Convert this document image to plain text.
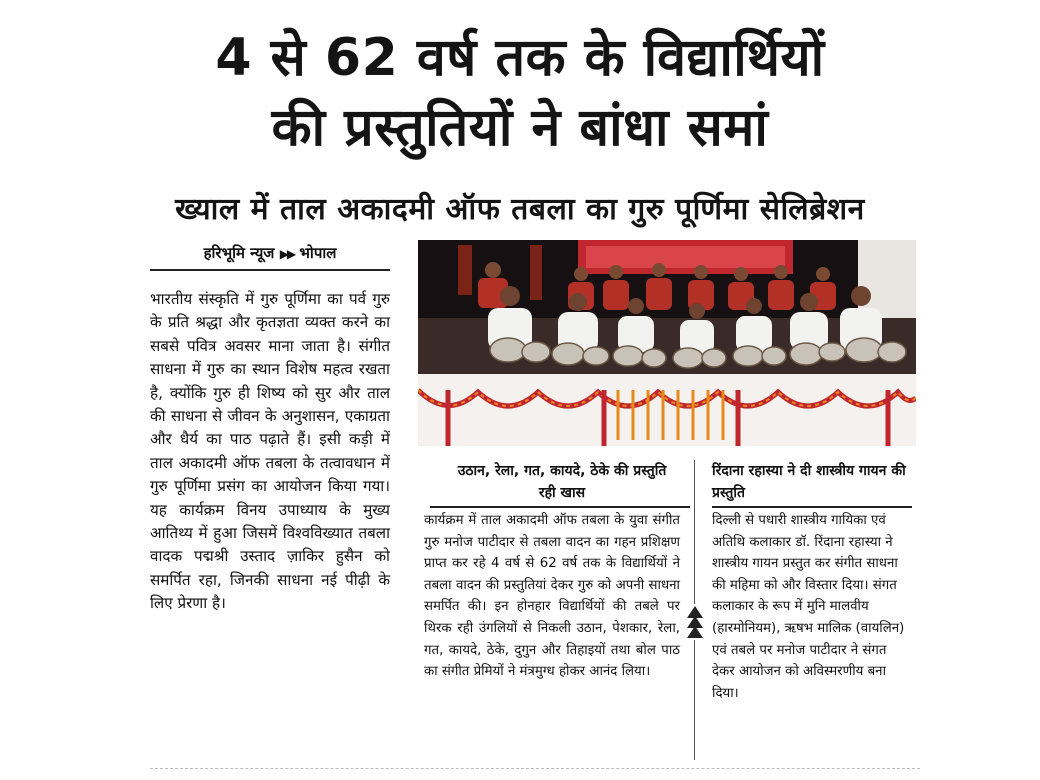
4 से 62 वर्ष तक के विद्यार्थियों
की प्रस्तुतियों ने बांधा समां
ख्याल में ताल अकादमी ऑफ तबला का गुरु पूर्णिमा सेलिब्रेशन
हरिभूमि न्यूज ▶▶ भोपाल
भारतीय संस्कृति में गुरु पूर्णिमा का पर्व गुरु के प्रति श्रद्धा और कृतज्ञता व्यक्त करने का सबसे पवित्र अवसर माना जाता है। संगीत साधना में गुरु का स्थान विशेष महत्व रखता है, क्योंकि गुरु ही शिष्य को सुर और ताल की साधना से जीवन के अनुशासन, एकाग्रता और धैर्य का पाठ पढ़ाते हैं। इसी कड़ी में ताल अकादमी ऑफ तबला के तत्वावधान में गुरु पूर्णिमा प्रसंग का आयोजन किया गया। यह कार्यक्रम विनय उपाध्याय के मुख्य आतिथ्य में हुआ जिसमें विश्वविख्यात तबला वादक पद्मश्री उस्ताद ज़ाकिर हुसैन को समर्पित रहा, जिनकी साधना नई पीढ़ी के लिए प्रेरणा है।
उठान, रेला, गत, कायदे, ठेके की प्रस्तुति रही खास
कार्यक्रम में ताल अकादमी ऑफ तबला के युवा संगीत गुरु मनोज पाटीदार से तबला वादन का गहन प्रशिक्षण प्राप्त कर रहे 4 वर्ष से 62 वर्ष तक के विद्यार्थियों ने तबला वादन की प्रस्तुतियां देकर गुरु को अपनी साधना समर्पित की। इन होनहार विद्यार्थियों की तबले पर थिरक रही उंगलियों से निकली उठान, पेशकार, रेला, गत, कायदे, ठेके, दुगुन और तिहाइयों तथा बोल पाठ का संगीत प्रेमियों ने मंत्रमुग्ध होकर आनंद लिया।
रिंदाना रहास्या ने दी शास्त्रीय गायन की प्रस्तुति
दिल्ली से पधारी शास्त्रीय गायिका एवं अतिथि कलाकार डॉ. रिंदाना रहास्या ने शास्त्रीय गायन प्रस्तुत कर संगीत साधना की महिमा को और विस्तार दिया। संगत कलाकार के रूप में मुनि मालवीय (हारमोनियम), ऋषभ मालिक (वायलिन) एवं तबले पर मनोज पाटीदार ने संगत देकर आयोजन को अविस्मरणीय बना दिया।
